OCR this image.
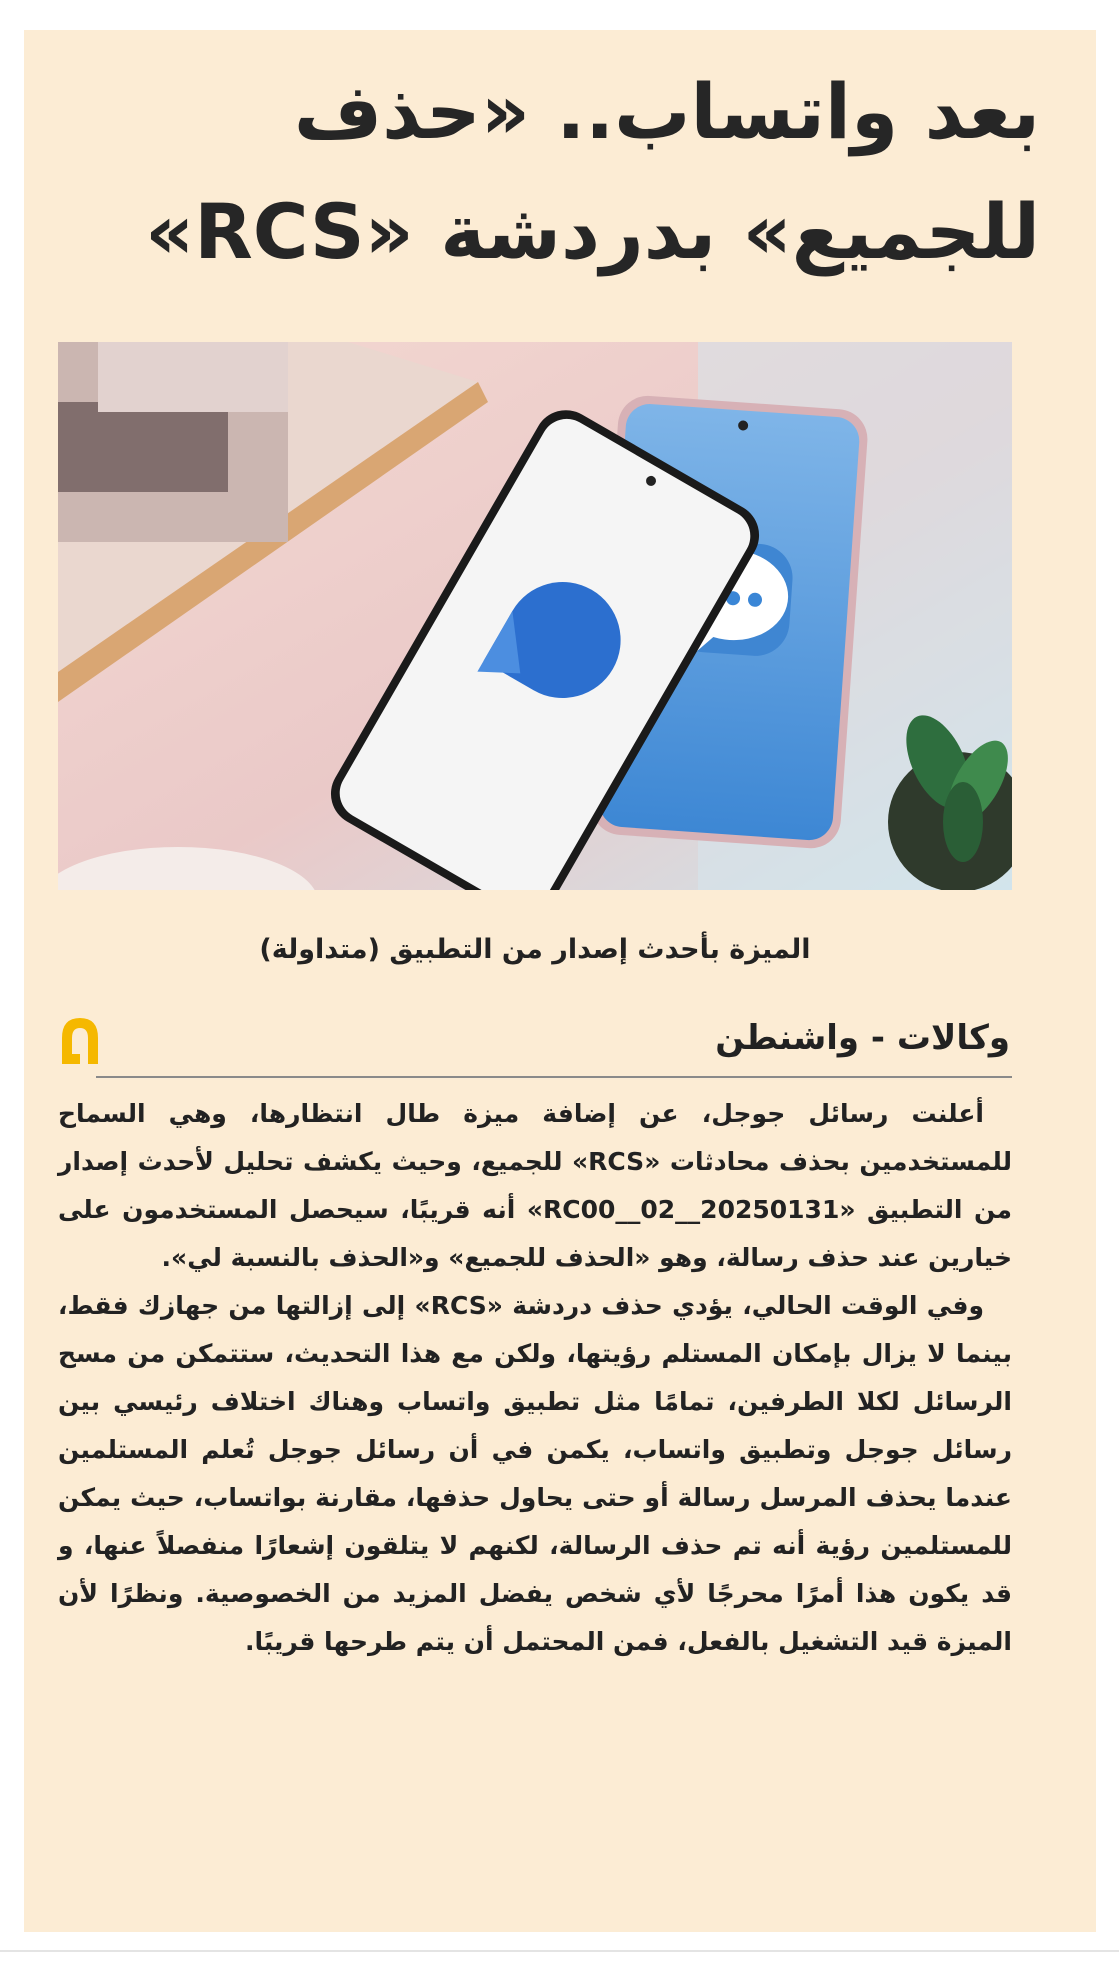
بعد واتساب.. «حذف للجميع» بدردشة «RCS»
الميزة بأحدث إصدار من التطبيق (متداولة)
وكالات - واشنطن

أعلنت رسائل جوجل، عن إضافة ميزة طال انتظارها، وهي السماح للمستخدمين بحذف محادثات «RCS» للجميع، وحيث يكشف تحليل لأحدث إصدار من التطبيق «RC00__02__20250131» أنه قريبًا، سيحصل المستخدمون على خيارين عند حذف رسالة، وهو «الحذف للجميع» و«الحذف بالنسبة لي».

وفي الوقت الحالي، يؤدي حذف دردشة «RCS» إلى إزالتها من جهازك فقط، بينما لا يزال بإمكان المستلم رؤيتها، ولكن مع هذا التحديث، ستتمكن من مسح الرسائل لكلا الطرفين، تمامًا مثل تطبيق واتساب وهناك اختلاف رئيسي بين رسائل جوجل وتطبيق واتساب، يكمن في أن رسائل جوجل تُعلم المستلمين عندما يحذف المرسل رسالة أو حتى يحاول حذفها، مقارنة بواتساب، حيث يمكن للمستلمين رؤية أنه تم حذف الرسالة، لكنهم لا يتلقون إشعارًا منفصلاً عنها، و قد يكون هذا أمرًا محرجًا لأي شخص يفضل المزيد من الخصوصية. ونظرًا لأن الميزة قيد التشغيل بالفعل، فمن المحتمل أن يتم طرحها قريبًا.
